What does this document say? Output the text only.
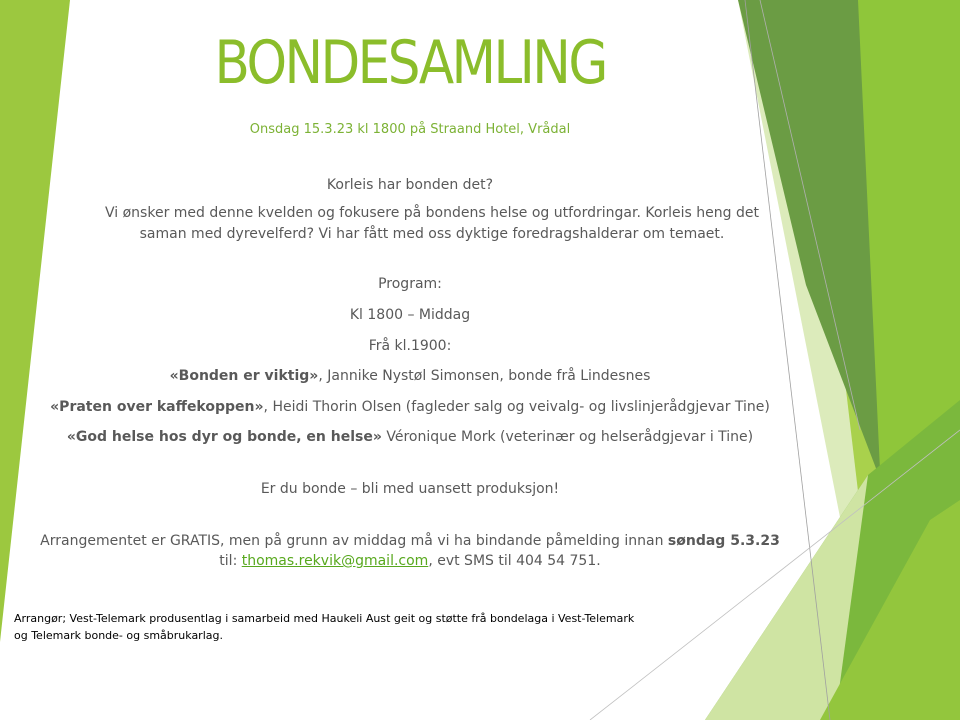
BONDESAMLING
Onsdag 15.3.23 kl 1800 på Straand Hotel, Vrådal
Korleis har bonden det?
Vi ønsker med denne kvelden og fokusere på bondens helse og utfordringar. Korleis heng det
saman med dyrevelferd? Vi har fått med oss dyktige foredragshalderar om temaet.
Program:
Kl 1800 – Middag
Frå kl.1900:
«Bonden er viktig», Jannike Nystøl Simonsen, bonde frå Lindesnes
«Praten over kaffekoppen», Heidi Thorin Olsen (fagleder salg og veivalg- og livslinjerådgjevar Tine)
«God helse hos dyr og bonde, en helse» Véronique Mork (veterinær og helserådgjevar i Tine)
Er du bonde – bli med uansett produksjon!
Arrangementet er GRATIS, men på grunn av middag må vi ha bindande påmelding innan søndag 5.3.23
til: thomas.rekvik@gmail.com, evt SMS til 404 54 751.
Arrangør; Vest-Telemark produsentlag i samarbeid med Haukeli Aust geit og støtte frå bondelaga i Vest-Telemark
og Telemark bonde- og småbrukarlag.
